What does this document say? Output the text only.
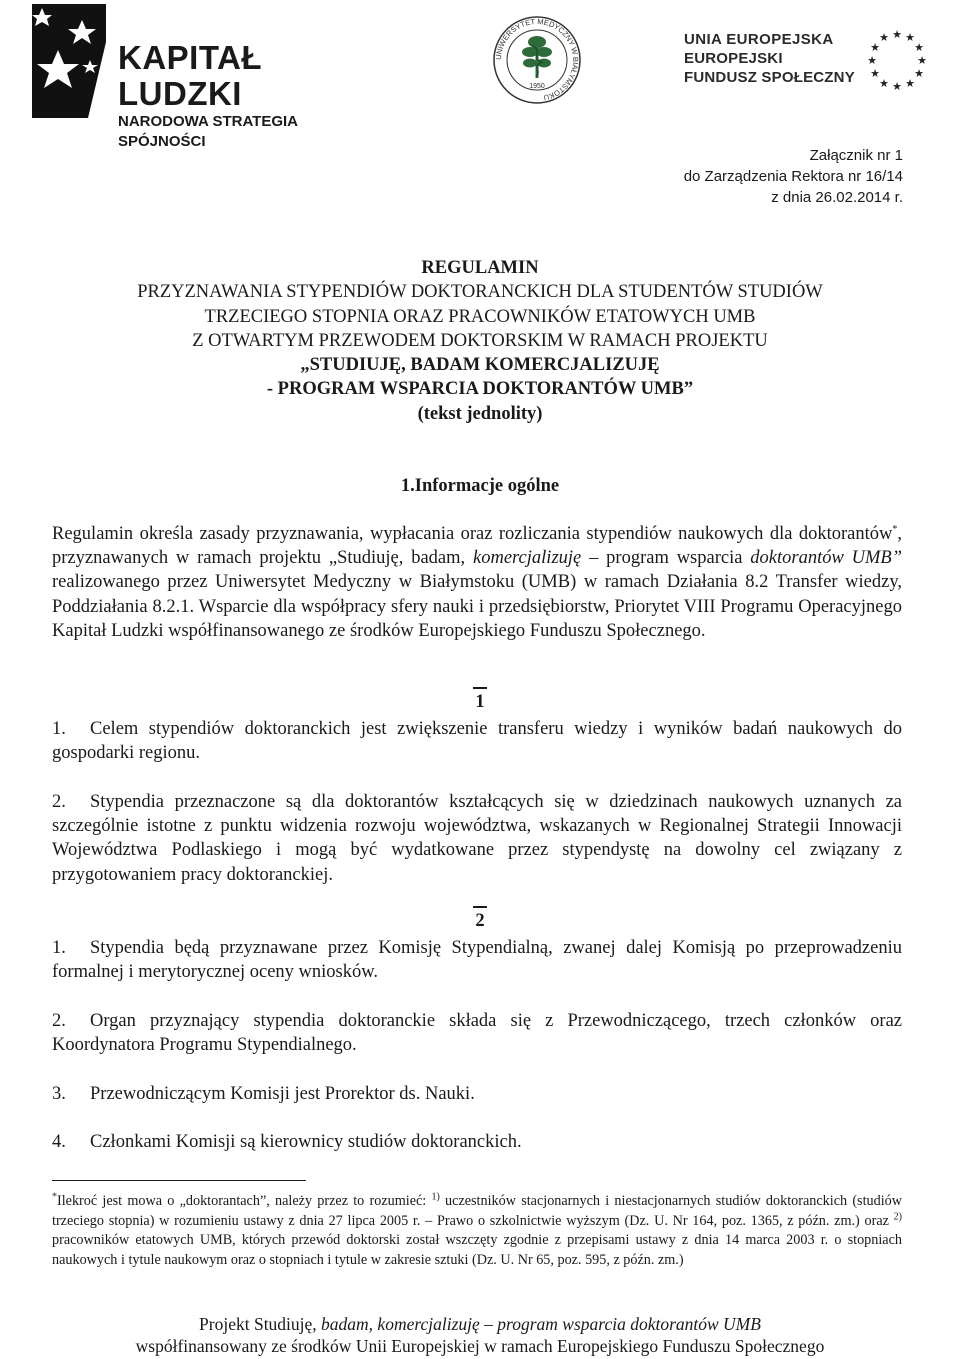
KAPITAŁ LUDZKI
NARODOWA STRATEGIA SPÓJNOŚCI
UNIWERSYTET MEDYCZNY W BIAŁYMSTOKU
1950
UNIA EUROPEJSKA
EUROPEJSKI
FUNDUSZ SPOŁECZNY
★ ★
★
★
★
★
★
★
★
★
★
★
Załącznik nr 1
do Zarządzenia Rektora nr 16/14
z dnia 26.02.2014 r.
REGULAMIN
PRZYZNAWANIA STYPENDIÓW DOKTORANCKICH DLA STUDENTÓW STUDIÓW
TRZECIEGO STOPNIA ORAZ PRACOWNIKÓW ETATOWYCH UMB
Z OTWARTYM PRZEWODEM DOKTORSKIM W RAMACH PROJEKTU
„STUDIUJĘ, BADAM KOMERCJALIZUJĘ
- PROGRAM WSPARCIA DOKTORANTÓW UMB”
(tekst jednolity)
1.Informacje ogólne

Regulamin określa zasady przyznawania, wypłacania oraz rozliczania stypendiów naukowych dla doktorantów*, przyznawanych w ramach projektu „Studiuję, badam, komercjalizuję – program wsparcia doktorantów UMB” realizowanego przez Uniwersytet Medyczny w Białymstoku (UMB) w ramach Działania 8.2 Transfer wiedzy, Poddziałania 8.2.1. Wsparcie dla współpracy sfery nauki i przedsiębiorstw, Priorytet VIII Programu Operacyjnego Kapitał Ludzki współfinansowanego ze środków Europejskiego Funduszu Społecznego.

1
1. Celem stypendiów doktoranckich jest zwiększenie transferu wiedzy i wyników badań naukowych do gospodarki regionu.
2. Stypendia przeznaczone są dla doktorantów kształcących się w dziedzinach naukowych uznanych za szczególnie istotne z punktu widzenia rozwoju województwa, wskazanych w Regionalnej Strategii Innowacji Województwa Podlaskiego i mogą być wydatkowane przez stypendystę na dowolny cel związany z przygotowaniem pracy doktoranckiej.
2
1. Stypendia będą przyznawane przez Komisję Stypendialną, zwanej dalej Komisją po przeprowadzeniu formalnej i merytorycznej oceny wniosków.
2. Organ przyznający stypendia doktoranckie składa się z Przewodniczącego, trzech członków oraz Koordynatora Programu Stypendialnego.
3. Przewodniczącym Komisji jest Prorektor ds. Nauki.
4. Członkami Komisji są kierownicy studiów doktoranckich.
*Ilekroć jest mowa o „doktorantach”, należy przez to rozumieć: $^{1)}$ uczestników stacjonarnych i niestacjonarnych studiów doktoranckich (studiów trzeciego stopnia) w rozumieniu ustawy z dnia 27 lipca 2005 r. – Prawo o szkolnictwie wyższym (Dz. U. Nr 164, poz. 1365, z późn. zm.) oraz $^{2)}$ pracowników etatowych UMB, których przewód doktorski został wszczęty zgodnie z przepisami ustawy z dnia 14 marca 2003 r. o stopniach naukowych i tytule naukowym oraz o stopniach i tytule w zakresie sztuki (Dz. U. Nr 65, poz. 595, z późn. zm.)
Projekt Studiuję, badam, komercjalizuję – program wsparcia doktorantów UMB
współfinansowany ze środków Unii Europejskiej w ramach Europejskiego Funduszu Społecznego
